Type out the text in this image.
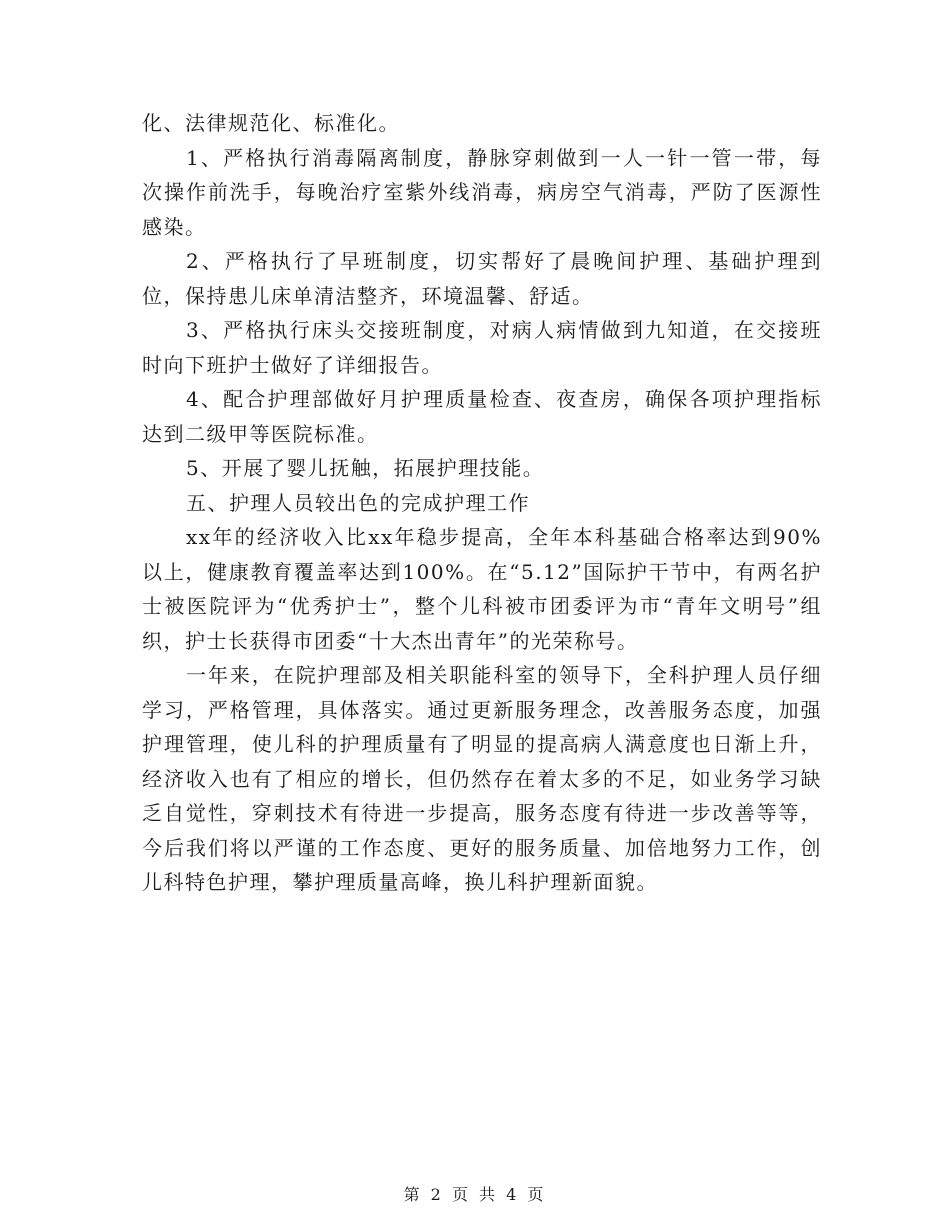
化、法律规范化、标准化。

1、严格执行消毒隔离制度，静脉穿刺做到一人一针一管一带，每次操作前洗手，每晚治疗室紫外线消毒，病房空气消毒，严防了医源性感染。

2、严格执行了早班制度，切实帮好了晨晚间护理、基础护理到位，保持患儿床单清洁整齐，环境温馨、舒适。

3、严格执行床头交接班制度，对病人病情做到九知道，在交接班时向下班护士做好了详细报告。

4、配合护理部做好月护理质量检查、夜查房，确保各项护理指标达到二级甲等医院标准。

5、开展了婴儿抚触，拓展护理技能。

五、护理人员较出色的完成护理工作

xx年的经济收入比xx年稳步提高，全年本科基础合格率达到90%以上，健康教育覆盖率达到100%。在“5.12”国际护干节中，有两名护士被医院评为“优秀护士”，整个儿科被市团委评为市“青年文明号”组织，护士长获得市团委“十大杰出青年”的光荣称号。

一年来，在院护理部及相关职能科室的领导下，全科护理人员仔细学习，严格管理，具体落实。通过更新服务理念，改善服务态度，加强护理管理，使儿科的护理质量有了明显的提高病人满意度也日渐上升，经济收入也有了相应的增长，但仍然存在着太多的不足，如业务学习缺乏自觉性，穿刺技术有待进一步提高，服务态度有待进一步改善等等，今后我们将以严谨的工作态度、更好的服务质量、加倍地努力工作，创儿科特色护理，攀护理质量高峰，换儿科护理新面貌。

第 2 页 共 4 页
